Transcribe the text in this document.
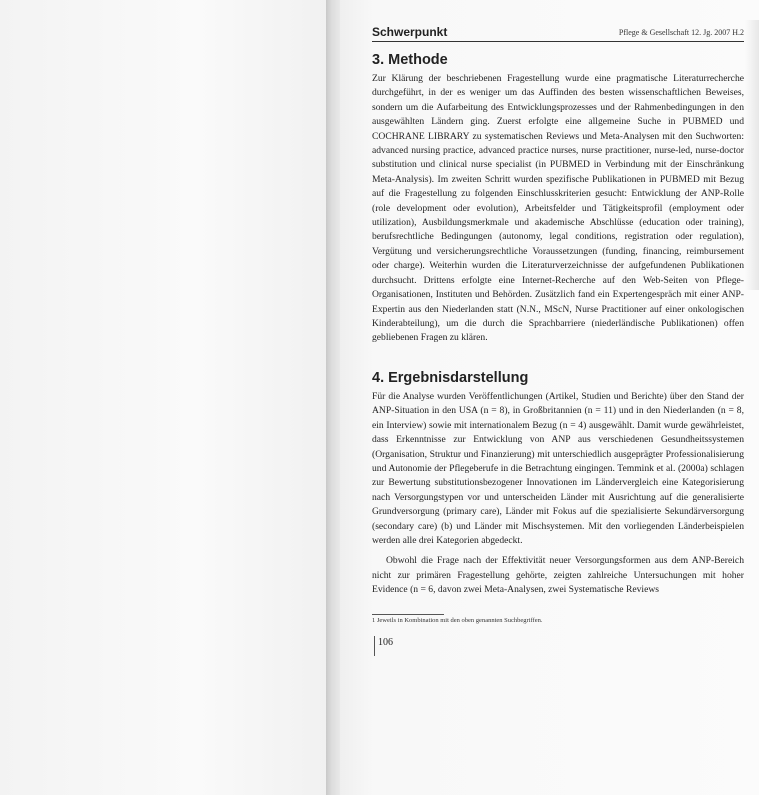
Schwerpunkt	Pflege & Gesellschaft 12. Jg. 2007 H.2
3. Methode

Zur Klärung der beschriebenen Fragestellung wurde eine pragmatische Literaturrecherche durchgeführt, in der es weniger um das Auffinden des besten wissenschaftlichen Beweises, sondern um die Aufarbeitung des Entwicklungsprozesses und der Rahmenbedingungen in den ausgewählten Ländern ging. Zuerst erfolgte eine allgemeine Suche in PUBMED und COCHRANE LIBRARY zu systematischen Reviews und Meta-Analysen mit den Suchworten: advanced nursing practice, advanced practice nurses, nurse practitioner, nurse-led, nurse-doctor substitution und clinical nurse specialist (in PUBMED in Verbindung mit der Einschränkung Meta-Analysis). Im zweiten Schritt wurden spezifische Publikationen in PUBMED mit Bezug auf die Fragestellung zu folgenden Einschlusskriterien gesucht: Entwicklung der ANP-Rolle (role development oder evolution), Arbeitsfelder und Tätigkeitsprofil (employment oder utilization), Ausbildungsmerkmale und akademische Abschlüsse (education oder training), berufsrechtliche Bedingungen (autonomy, legal conditions, registration oder regulation), Vergütung und versicherungsrechtliche Voraussetzungen (funding, financing, reimbursement oder charge). Weiterhin wurden die Literaturverzeichnisse der aufgefundenen Publikationen durchsucht. Drittens erfolgte eine Internet-Recherche auf den Web-Seiten von Pflege-Organisationen, Instituten und Behörden. Zusätzlich fand ein Expertengespräch mit einer ANP-Expertin aus den Niederlanden statt (N.N., MScN, Nurse Practitioner auf einer onkologischen Kinderabteilung), um die durch die Sprachbarriere (niederländische Publikationen) offen gebliebenen Fragen zu klären.

4. Ergebnisdarstellung

Für die Analyse wurden Veröffentlichungen (Artikel, Studien und Berichte) über den Stand der ANP-Situation in den USA (n = 8), in Großbritannien (n = 11) und in den Niederlanden (n = 8, ein Interview) sowie mit internationalem Bezug (n = 4) ausgewählt. Damit wurde gewährleistet, dass Erkenntnisse zur Entwicklung von ANP aus verschiedenen Gesundheitssystemen (Organisation, Struktur und Finanzierung) mit unterschiedlich ausgeprägter Professionalisierung und Autonomie der Pflegeberufe in die Betrachtung eingingen. Temmink et al. (2000a) schlagen zur Bewertung substitutionsbezogener Innovationen im Ländervergleich eine Kategorisierung nach Versorgungstypen vor und unterscheiden Länder mit Ausrichtung auf die generalisierte Grundversorgung (primary care), Länder mit Fokus auf die spezialisierte Sekundärversorgung (secondary care) (b) und Länder mit Mischsystemen. Mit den vorliegenden Länderbeispielen werden alle drei Kategorien abgedeckt.

Obwohl die Frage nach der Effektivität neuer Versorgungsformen aus dem ANP-Bereich nicht zur primären Fragestellung gehörte, zeigten zahlreiche Untersuchungen mit hoher Evidence (n = 6, davon zwei Meta-Analysen, zwei Systematische Reviews

1 Jeweils in Kombination mit den oben genannten Suchbegriffen.
106
